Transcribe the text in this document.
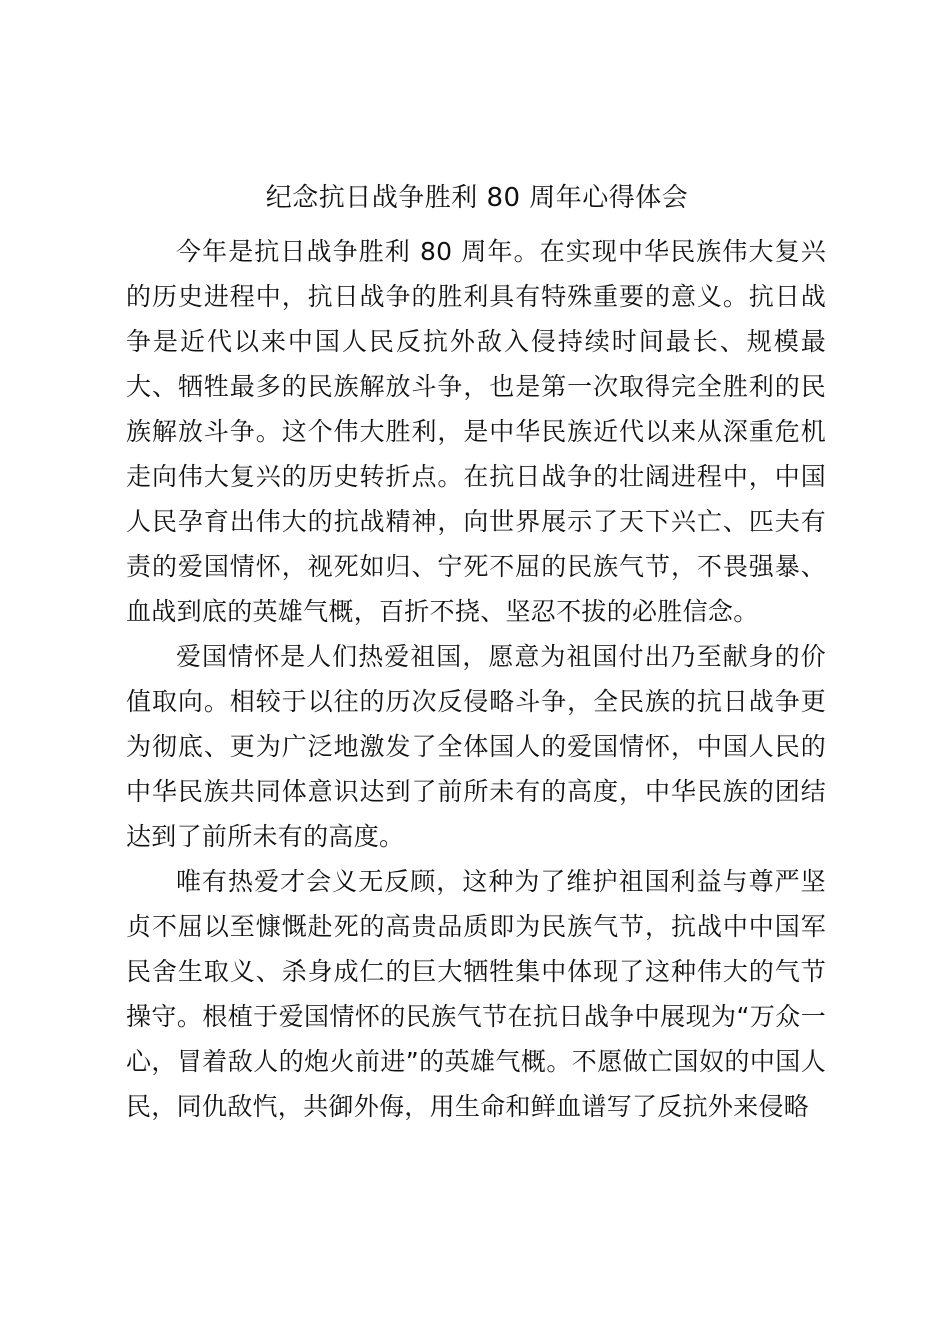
纪念抗日战争胜利 80 周年心得体会

今年是抗日战争胜利 80 周年。在实现中华民族伟大复兴的历史进程中，抗日战争的胜利具有特殊重要的意义。抗日战争是近代以来中国人民反抗外敌入侵持续时间最长、规模最大、牺牲最多的民族解放斗争，也是第一次取得完全胜利的民族解放斗争。这个伟大胜利，是中华民族近代以来从深重危机走向伟大复兴的历史转折点。在抗日战争的壮阔进程中，中国人民孕育出伟大的抗战精神，向世界展示了天下兴亡、匹夫有责的爱国情怀，视死如归、宁死不屈的民族气节，不畏强暴、血战到底的英雄气概，百折不挠、坚忍不拔的必胜信念。

爱国情怀是人们热爱祖国，愿意为祖国付出乃至献身的价值取向。相较于以往的历次反侵略斗争，全民族的抗日战争更为彻底、更为广泛地激发了全体国人的爱国情怀，中国人民的中华民族共同体意识达到了前所未有的高度，中华民族的团结达到了前所未有的高度。

唯有热爱才会义无反顾，这种为了维护祖国利益与尊严坚贞不屈以至慷慨赴死的高贵品质即为民族气节，抗战中中国军民舍生取义、杀身成仁的巨大牺牲集中体现了这种伟大的气节操守。根植于爱国情怀的民族气节在抗日战争中展现为“万众一心，冒着敌人的炮火前进”的英雄气概。不愿做亡国奴的中国人民，同仇敌忾，共御外侮，用生命和鲜血谱写了反抗外来侵略
